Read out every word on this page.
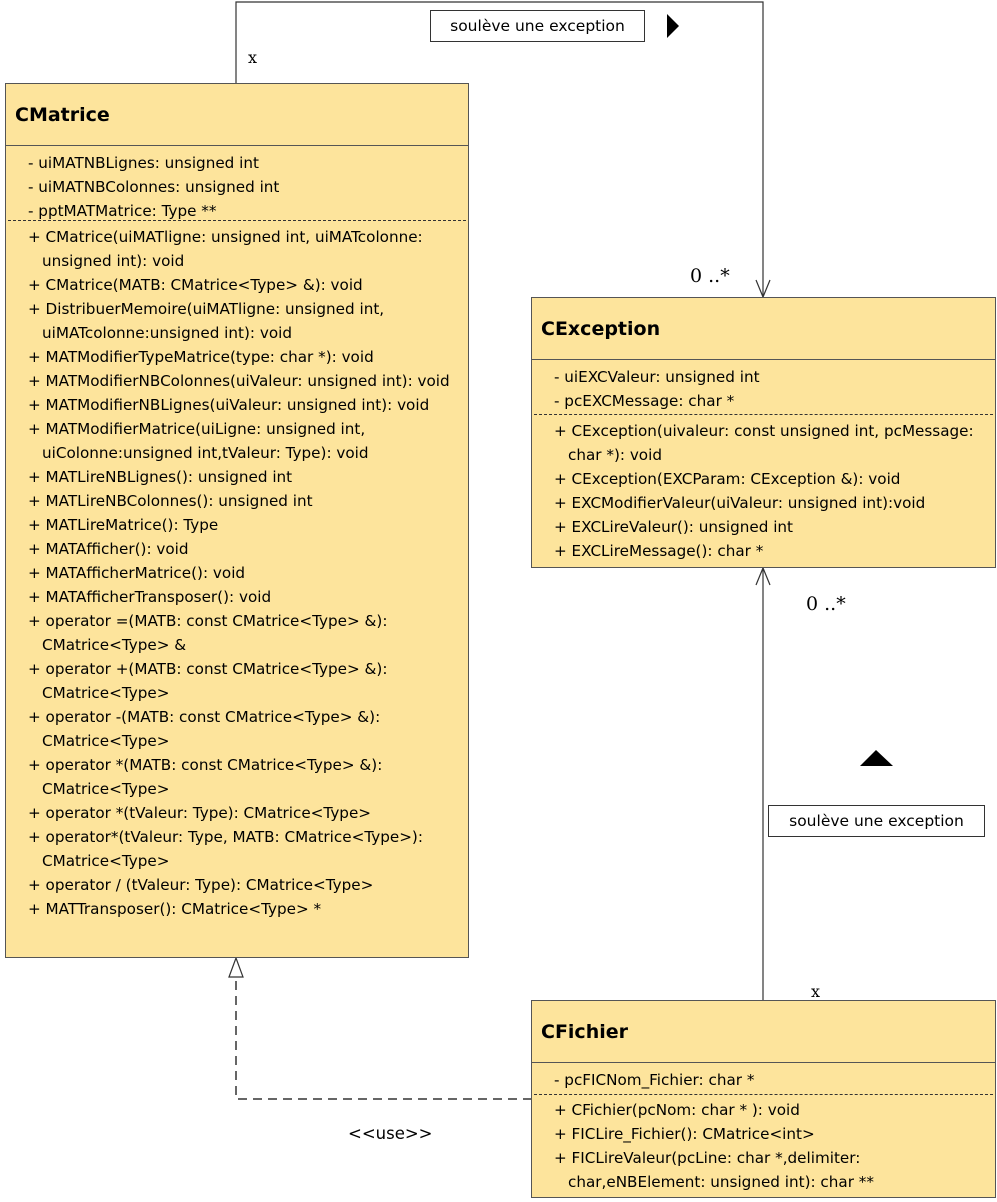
CMatrice
- uiMATNBLignes: unsigned int
- uiMATNBColonnes: unsigned int
- pptMATMatrice: Type **
+ CMatrice(uiMATligne: unsigned int, uiMATcolonne: unsigned int): void
+ CMatrice(MATB: CMatrice<Type> &): void
+ DistribuerMemoire(uiMATligne: unsigned int, uiMATcolonne:unsigned int): void
+ MATModifierTypeMatrice(type: char *): void
+ MATModifierNBColonnes(uiValeur: unsigned int): void
+ MATModifierNBLignes(uiValeur: unsigned int): void
+ MATModifierMatrice(uiLigne: unsigned int, uiColonne:unsigned int,tValeur: Type): void
+ MATLireNBLignes(): unsigned int
+ MATLireNBColonnes(): unsigned int
+ MATLireMatrice(): Type
+ MATAfficher(): void
+ MATAfficherMatrice(): void
+ MATAfficherTransposer(): void
+ operator =(MATB: const CMatrice<Type> &): CMatrice<Type> &
+ operator +(MATB: const CMatrice<Type> &): CMatrice<Type>
+ operator -(MATB: const CMatrice<Type> &): CMatrice<Type>
+ operator *(MATB: const CMatrice<Type> &): CMatrice<Type>
+ operator *(tValeur: Type): CMatrice<Type>
+ operator*(tValeur: Type, MATB: CMatrice<Type>): CMatrice<Type>
+ operator / (tValeur: Type): CMatrice<Type>
+ MATTransposer(): CMatrice<Type> *
CException
- uiEXCValeur: unsigned int
- pcEXCMessage: char *
+ CException(uivaleur: const unsigned int, pcMessage: char *): void
+ CException(EXCParam: CException &): void
+ EXCModifierValeur(uiValeur: unsigned int):void
+ EXCLireValeur(): unsigned int
+ EXCLireMessage(): char *
CFichier
- pcFICNom_Fichier: char *
+ CFichier(pcNom: char * ): void
+ FICLire_Fichier(): CMatrice<int>
+ FICLireValeur(pcLine: char *,delimiter: char,eNBElement: unsigned int): char **
soulève une exception
soulève une exception
x
0 ..*
0 ..*
x
<<use>>
